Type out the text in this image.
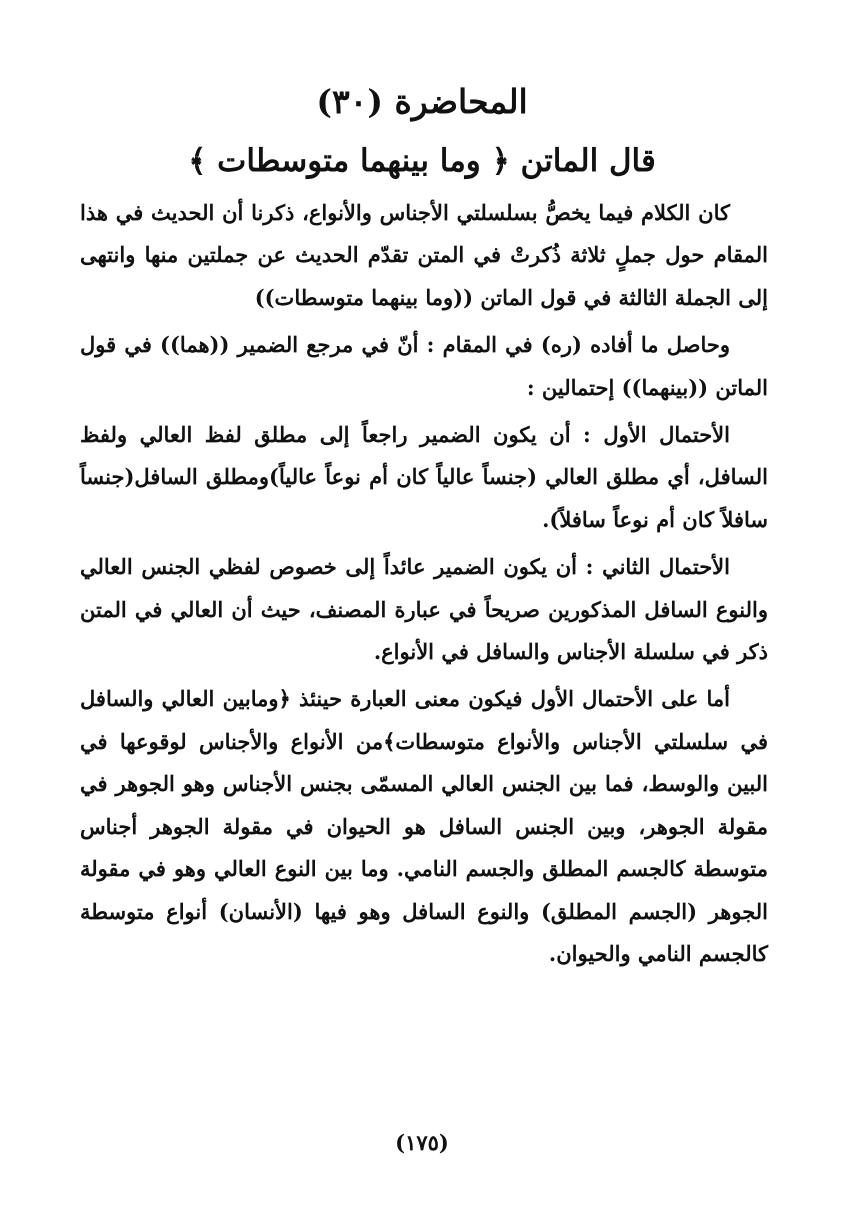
المحاضرة (٣٠)
قال الماتن ﴿ وما بينهما متوسطات ﴾

كان الكلام فيما يخصُّ بسلسلتي الأجناس والأنواع، ذكرنا أن الحديث في هذا المقام حول جملٍ ثلاثة ذُكرتْ في المتن تقدّم الحديث عن جملتين منها وانتهى إلى الجملة الثالثة في قول الماتن ((وما بينهما متوسطات))

وحاصل ما أفاده (ره) في المقام : أنّ في مرجع الضمير ((هما)) في قول الماتن ((بينهما)) إحتمالين :

الأحتمال الأول : أن يكون الضمير راجعاً إلى مطلق لفظ العالي ولفظ السافل، أي مطلق العالي (جنساً عالياً كان أم نوعاً عالياً)ومطلق السافل(جنساً سافلاً كان أم نوعاً سافلاً).

الأحتمال الثاني : أن يكون الضمير عائداً إلى خصوص لفظي الجنس العالي والنوع السافل المذكورين صريحاً في عبارة المصنف، حيث أن العالي في المتن ذكر في سلسلة الأجناس والسافل في الأنواع.

أما على الأحتمال الأول فيكون معنى العبارة حينئذ ﴿ومابين العالي والسافل في سلسلتي الأجناس والأنواع متوسطات﴾من الأنواع والأجناس لوقوعها في البين والوسط، فما بين الجنس العالي المسمّى بجنس الأجناس وهو الجوهر في مقولة الجوهر، وبين الجنس السافل هو الحيوان في مقولة الجوهر أجناس متوسطة كالجسم المطلق والجسم النامي. وما بين النوع العالي وهو في مقولة الجوهر (الجسم المطلق) والنوع السافل وهو فيها (الأنسان) أنواع متوسطة كالجسم النامي والحيوان.

(١٧٥)
